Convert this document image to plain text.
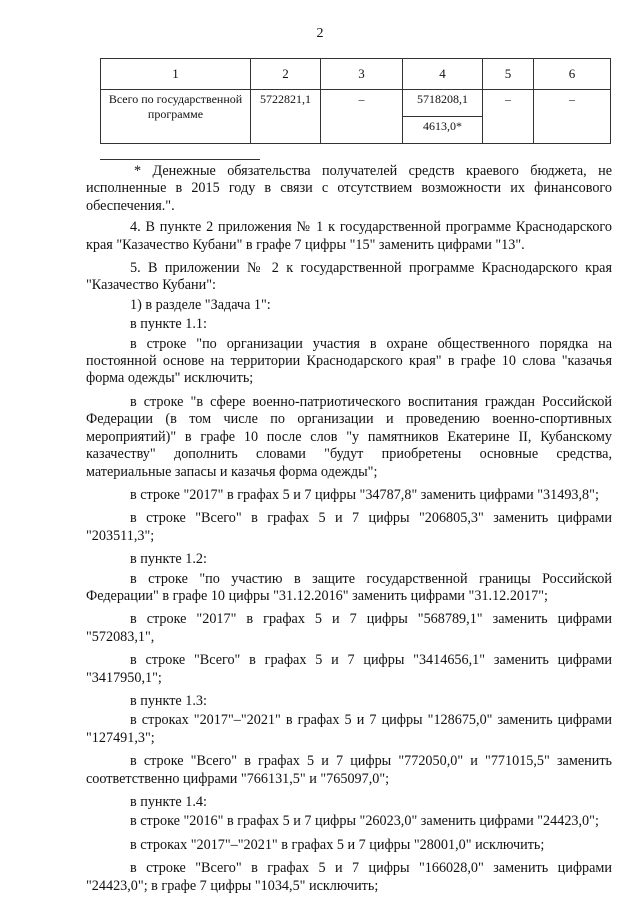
2
1	2	3	4	5	6
Всего по государственной программе	5722821,1	–	5718208,1	–	–
			4613,0*		

* Денежные обязательства получателей средств краевого бюджета, не исполненные в 2015 году в связи с отсутствием возможности их финансового обеспечения.".

4. В пункте 2 приложения № 1 к государственной программе Краснодарского края "Казачество Кубани" в графе 7 цифры "15" заменить цифрами "13".

5. В приложении № 2 к государственной программе Краснодарского края "Казачество Кубани":

1) в разделе "Задача 1":

в пункте 1.1:

в строке "по организации участия в охране общественного порядка на постоянной основе на территории Краснодарского края" в графе 10 слова "казачья форма одежды" исключить;

в строке "в сфере военно-патриотического воспитания граждан Российской Федерации (в том числе по организации и проведению военно-спортивных мероприятий)" в графе 10 после слов "у памятников Екатерине II, Кубанскому казачеству" дополнить словами "будут приобретены основные средства, материальные запасы и казачья форма одежды";

в строке "2017" в графах 5 и 7 цифры "34787,8" заменить цифрами "31493,8";

в строке "Всего" в графах 5 и 7 цифры "206805,3" заменить цифрами "203511,3";

в пункте 1.2:

в строке "по участию в защите государственной границы Российской Федерации" в графе 10 цифры "31.12.2016" заменить цифрами "31.12.2017";

в строке "2017" в графах 5 и 7 цифры "568789,1" заменить цифрами "572083,1",

в строке "Всего" в графах 5 и 7 цифры "3414656,1" заменить цифрами "3417950,1";

в пункте 1.3:

в строках "2017"–"2021" в графах 5 и 7 цифры "128675,0" заменить цифрами "127491,3";

в строке "Всего" в графах 5 и 7 цифры "772050,0" и "771015,5" заменить соответственно цифрами "766131,5" и "765097,0";

в пункте 1.4:

в строке "2016" в графах 5 и 7 цифры "26023,0" заменить цифрами "24423,0";

в строках "2017"–"2021" в графах 5 и 7 цифры "28001,0" исключить;

в строке "Всего" в графах 5 и 7 цифры "166028,0" заменить цифрами "24423,0"; в графе 7 цифры "1034,5" исключить;
